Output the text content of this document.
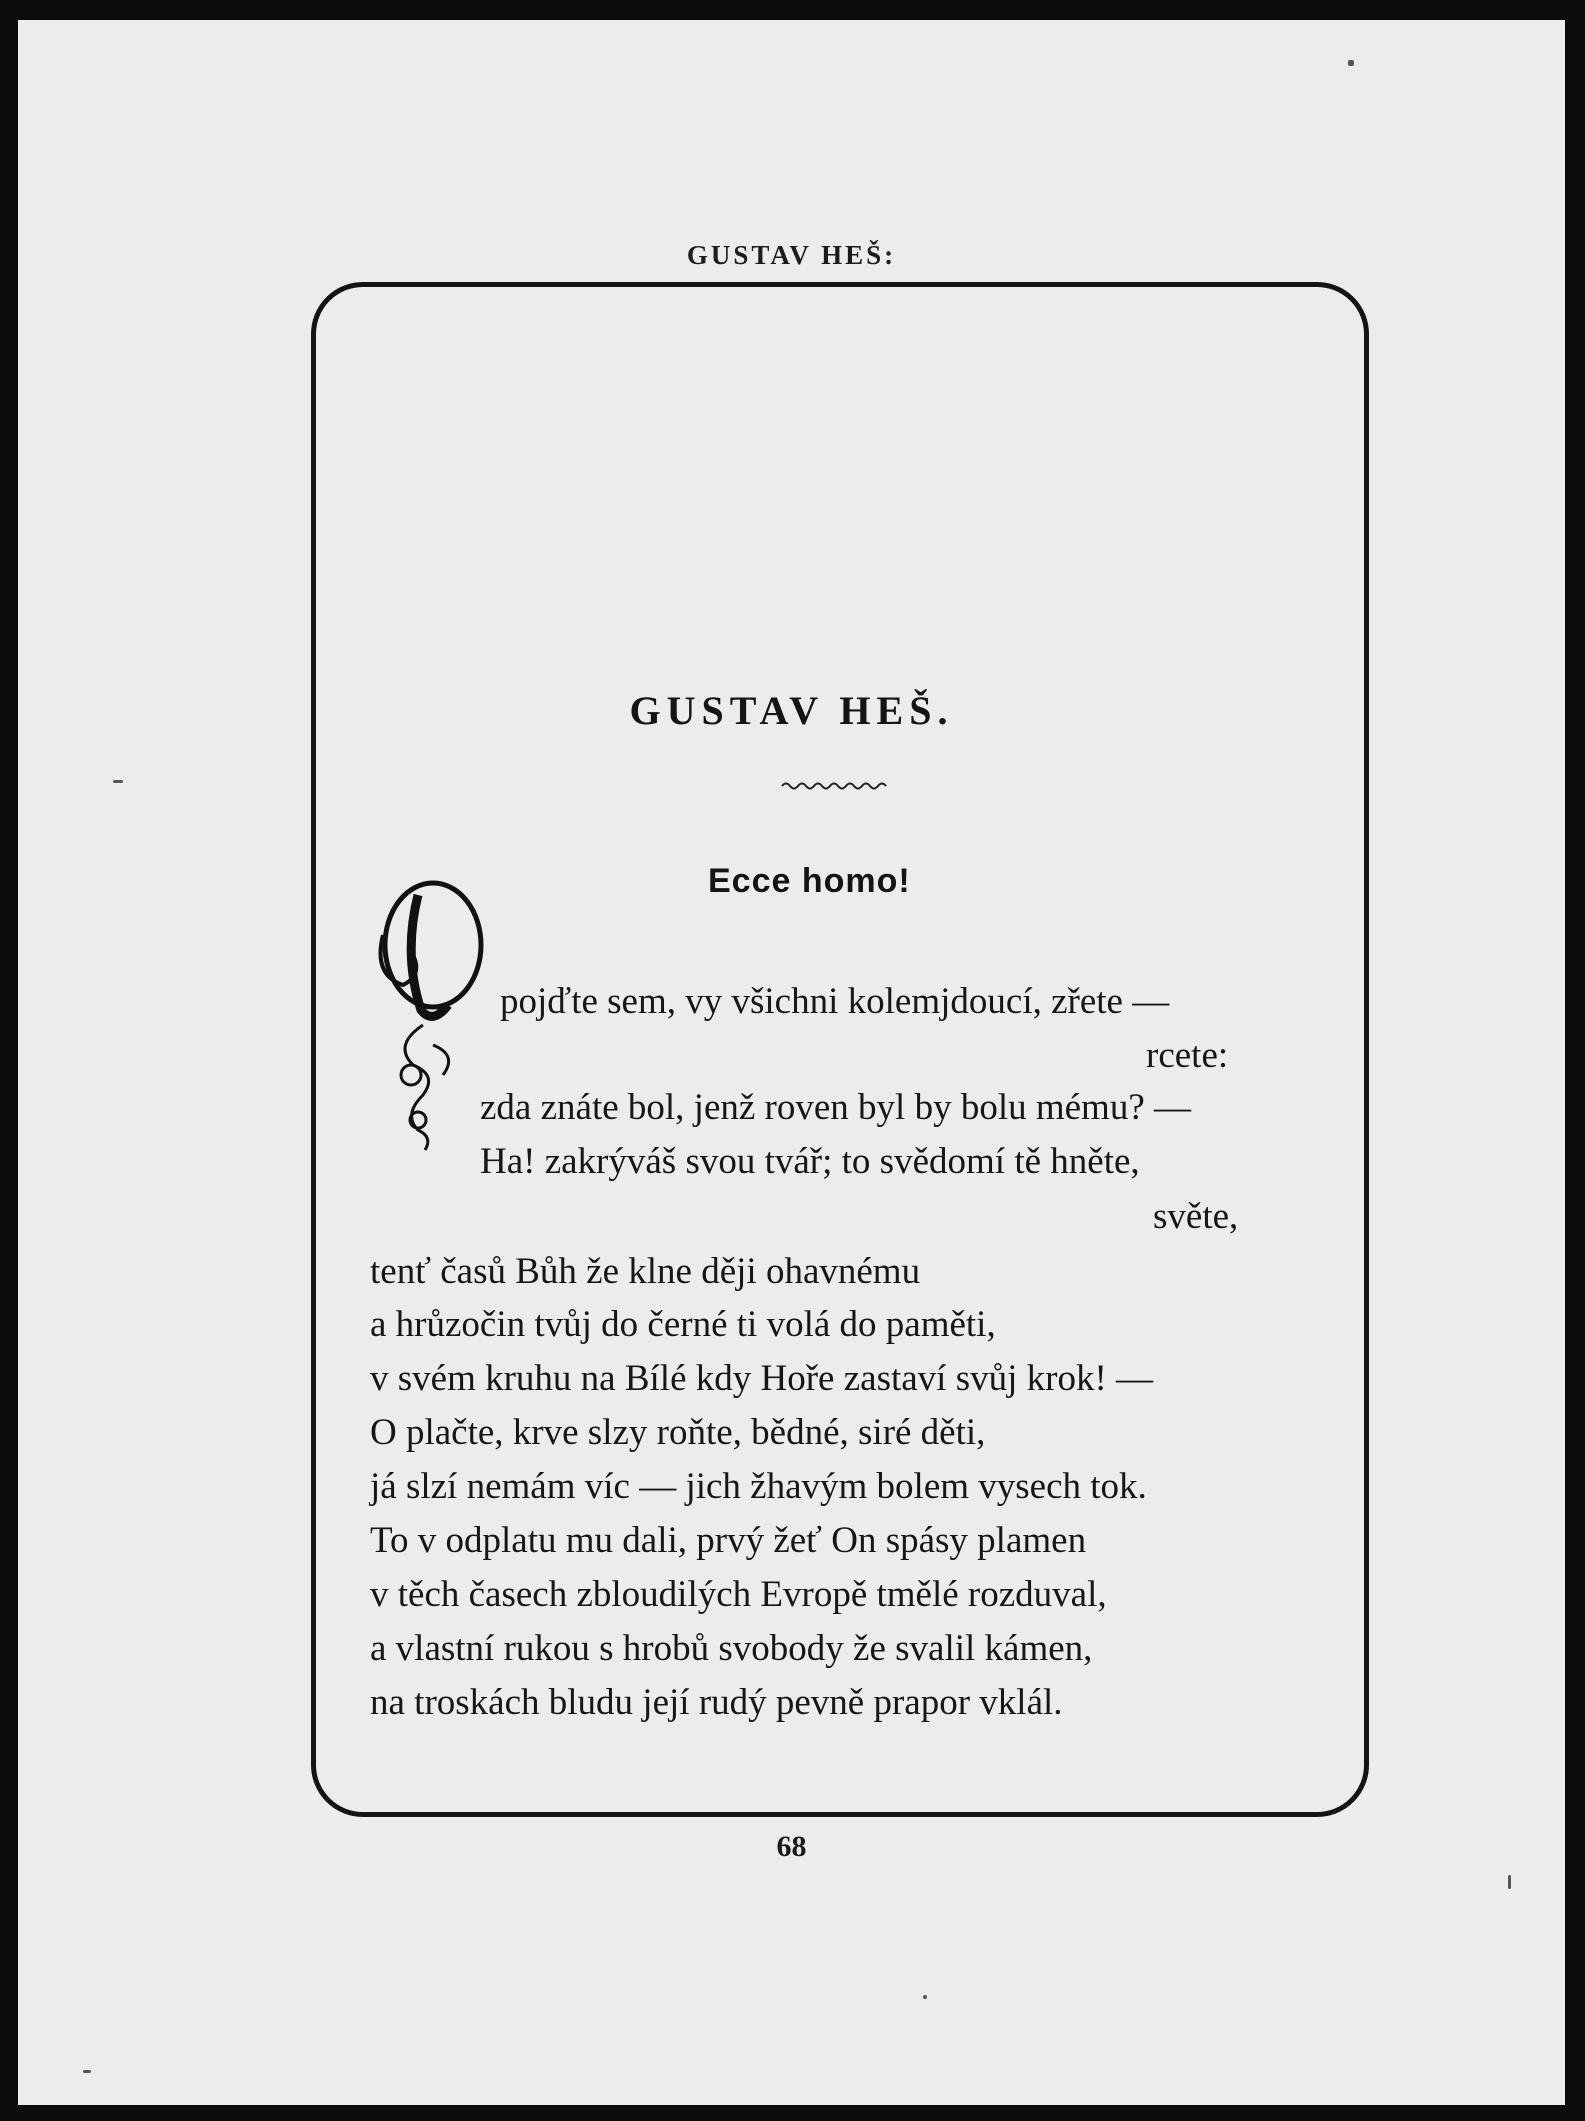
GUSTAV HEŠ:
GUSTAV HEŠ.
Ecce homo!
pojďte sem, vy všichni kolemjdoucí, zřete —
rcete:
zda znáte bol, jenž roven byl by bolu mému? —
Ha! zakrýváš svou tvář; to svědomí tě hněte,
světe,
tenť časů Bůh že klne ději ohavnému
a hrůzočin tvůj do černé ti volá do paměti,
v svém kruhu na Bílé kdy Hoře zastaví svůj krok! —
O plačte, krve slzy roňte, bědné, siré děti,
já slzí nemám víc — jich žhavým bolem vysech tok.
To v odplatu mu dali, prvý žeť On spásy plamen
v těch časech zbloudilých Evropě tmělé rozduval,
a vlastní rukou s hrobů svobody že svalil kámen,
na troskách bludu její rudý pevně prapor vklál.
68
